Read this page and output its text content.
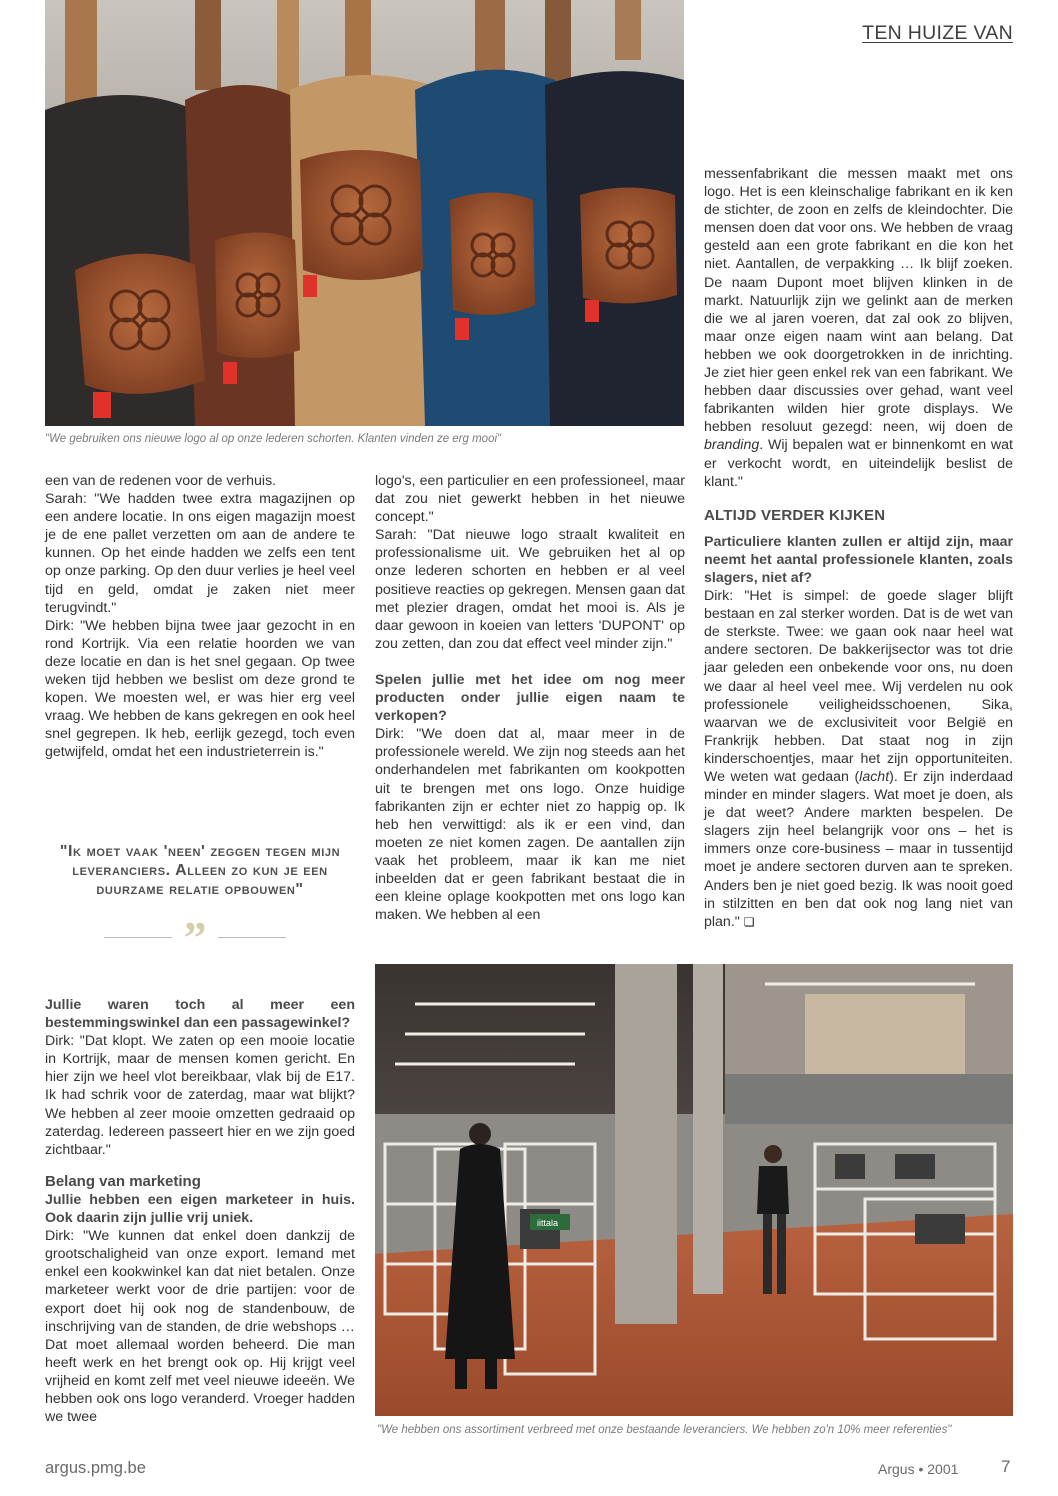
TEN HUIZE VAN
"We gebruiken ons nieuwe logo al op onze lederen schorten. Klanten vinden ze erg mooi"

een van de redenen voor de verhuis.

Sarah: "We hadden twee extra magazijnen op een andere locatie. In ons eigen magazijn moest je de ene pallet verzetten om aan de andere te kunnen. Op het einde hadden we zelfs een tent op onze parking. Op den duur verlies je heel veel tijd en geld, omdat je zaken niet meer terugvindt."

Dirk: "We hebben bijna twee jaar gezocht in en rond Kortrijk. Via een relatie hoorden we van deze locatie en dan is het snel gegaan. Op twee weken tijd hebben we beslist om deze grond te kopen. We moesten wel, er was hier erg veel vraag. We hebben de kans gekregen en ook heel snel gegrepen. Ik heb, eerlijk gezegd, toch even getwijfeld, omdat het een industrieterrein is."

"Ik moet vaak 'neen' zeggen tegen mijn leveranciers. Alleen zo kun je een duurzame relatie opbouwen"
”

logo's, een particulier en een professioneel, maar dat zou niet gewerkt hebben in het nieuwe concept."

Sarah: "Dat nieuwe logo straalt kwaliteit en professionalisme uit. We gebruiken het al op onze lederen schorten en hebben er al veel positieve reacties op gekregen. Mensen gaan dat met plezier dragen, omdat het mooi is. Als je daar gewoon in koeien van letters 'DUPONT' op zou zetten, dan zou dat effect veel minder zijn."

Spelen jullie met het idee om nog meer producten onder jullie eigen naam te verkopen?

Dirk: "We doen dat al, maar meer in de professionele wereld. We zijn nog steeds aan het onderhandelen met fabrikanten om kookpotten uit te brengen met ons logo. Onze huidige fabrikanten zijn er echter niet zo happig op. Ik heb hen verwittigd: als ik er een vind, dan moeten ze niet komen zagen. De aantallen zijn vaak het probleem, maar ik kan me niet inbeelden dat er geen fabrikant bestaat die in een kleine oplage kookpotten met ons logo kan maken. We hebben al een

messenfabrikant die messen maakt met ons logo. Het is een kleinschalige fabrikant en ik ken de stichter, de zoon en zelfs de kleindochter. Die mensen doen dat voor ons. We hebben de vraag gesteld aan een grote fabrikant en die kon het niet. Aantallen, de verpakking … Ik blijf zoeken. De naam Dupont moet blijven klinken in de markt. Natuurlijk zijn we gelinkt aan de merken die we al jaren voeren, dat zal ook zo blijven, maar onze eigen naam wint aan belang. Dat hebben we ook doorgetrokken in de inrichting. Je ziet hier geen enkel rek van een fabrikant. We hebben daar discussies over gehad, want veel fabrikanten wilden hier grote displays. We hebben resoluut gezegd: neen, wij doen de branding. Wij bepalen wat er binnenkomt en wat er verkocht wordt, en uiteindelijk beslist de klant."

ALTIJD VERDER KIJKEN

Particuliere klanten zullen er altijd zijn, maar neemt het aantal professionele klanten, zoals slagers, niet af?

Dirk: "Het is simpel: de goede slager blijft bestaan en zal sterker worden. Dat is de wet van de sterkste. Twee: we gaan ook naar heel wat andere sectoren. De bakkerijsector was tot drie jaar geleden een onbekende voor ons, nu doen we daar al heel veel mee. Wij verdelen nu ook professionele veiligheidsschoenen, Sika, waarvan we de exclusiviteit voor België en Frankrijk hebben. Dat staat nog in zijn kinderschoentjes, maar het zijn opportuniteiten. We weten wat gedaan (lacht). Er zijn inderdaad minder en minder slagers. Wat moet je doen, als je dat weet? Andere markten bespelen. De slagers zijn heel belangrijk voor ons – het is immers onze core-business – maar in tussentijd moet je andere sectoren durven aan te spreken. Anders ben je niet goed bezig. Ik was nooit goed in stilzitten en ben dat ook nog lang niet van plan." ❏

Jullie waren toch al meer een bestemmingswinkel dan een passagewinkel?

Dirk: "Dat klopt. We zaten op een mooie locatie in Kortrijk, maar de mensen komen gericht. En hier zijn we heel vlot bereikbaar, vlak bij de E17. Ik had schrik voor de zaterdag, maar wat blijkt? We hebben al zeer mooie omzetten gedraaid op zaterdag. Iedereen passeert hier en we zijn goed zichtbaar."

Belang van marketing

Jullie hebben een eigen marketeer in huis. Ook daarin zijn jullie vrij uniek.

Dirk: "We kunnen dat enkel doen dankzij de grootschaligheid van onze export. Iemand met enkel een kookwinkel kan dat niet betalen. Onze marketeer werkt voor de drie partijen: voor de export doet hij ook nog de standenbouw, de inschrijving van de standen, de drie webshops … Dat moet allemaal worden beheerd. Die man heeft werk en het brengt ook op. Hij krijgt veel vrijheid en komt zelf met veel nieuwe ideeën. We hebben ook ons logo veranderd. Vroeger hadden we twee

iittala
"We hebben ons assortiment verbreed met onze bestaande leveranciers. We hebben zo'n 10% meer referenties"
argus.pmg.be	Argus • 2001	7
